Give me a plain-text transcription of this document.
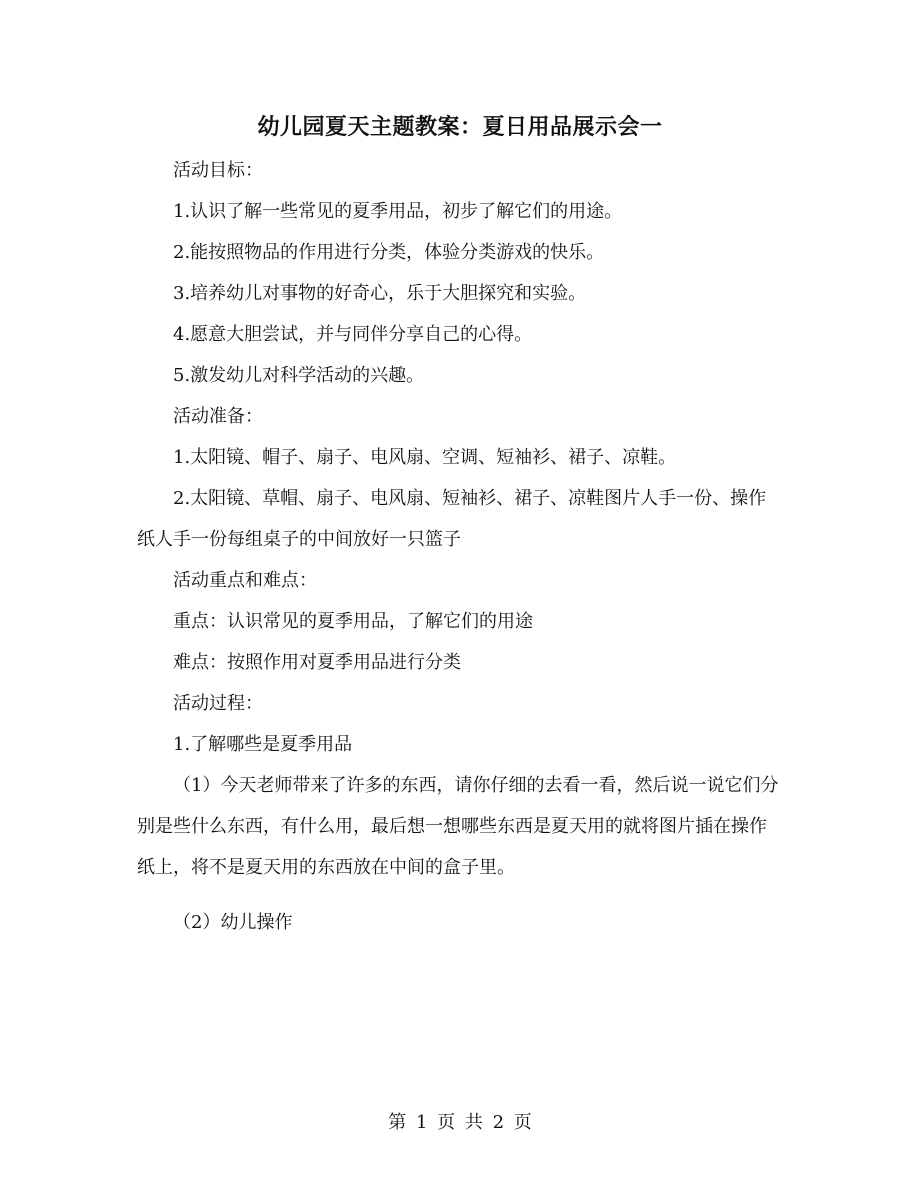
幼儿园夏天主题教案：夏日用品展示会一

活动目标：

1.认识了解一些常见的夏季用品，初步了解它们的用途。

2.能按照物品的作用进行分类，体验分类游戏的快乐。

3.培养幼儿对事物的好奇心，乐于大胆探究和实验。

4.愿意大胆尝试，并与同伴分享自己的心得。

5.激发幼儿对科学活动的兴趣。

活动准备：

1.太阳镜、帽子、扇子、电风扇、空调、短袖衫、裙子、凉鞋。

2.太阳镜、草帽、扇子、电风扇、短袖衫、裙子、凉鞋图片人手一份、操作纸人手一份每组桌子的中间放好一只篮子

活动重点和难点：

重点：认识常见的夏季用品，了解它们的用途

难点：按照作用对夏季用品进行分类

活动过程：

1.了解哪些是夏季用品

（1）今天老师带来了许多的东西，请你仔细的去看一看，然后说一说它们分别是些什么东西，有什么用，最后想一想哪些东西是夏天用的就将图片插在操作纸上，将不是夏天用的东西放在中间的盒子里。

（2）幼儿操作

第 1 页 共 2 页
